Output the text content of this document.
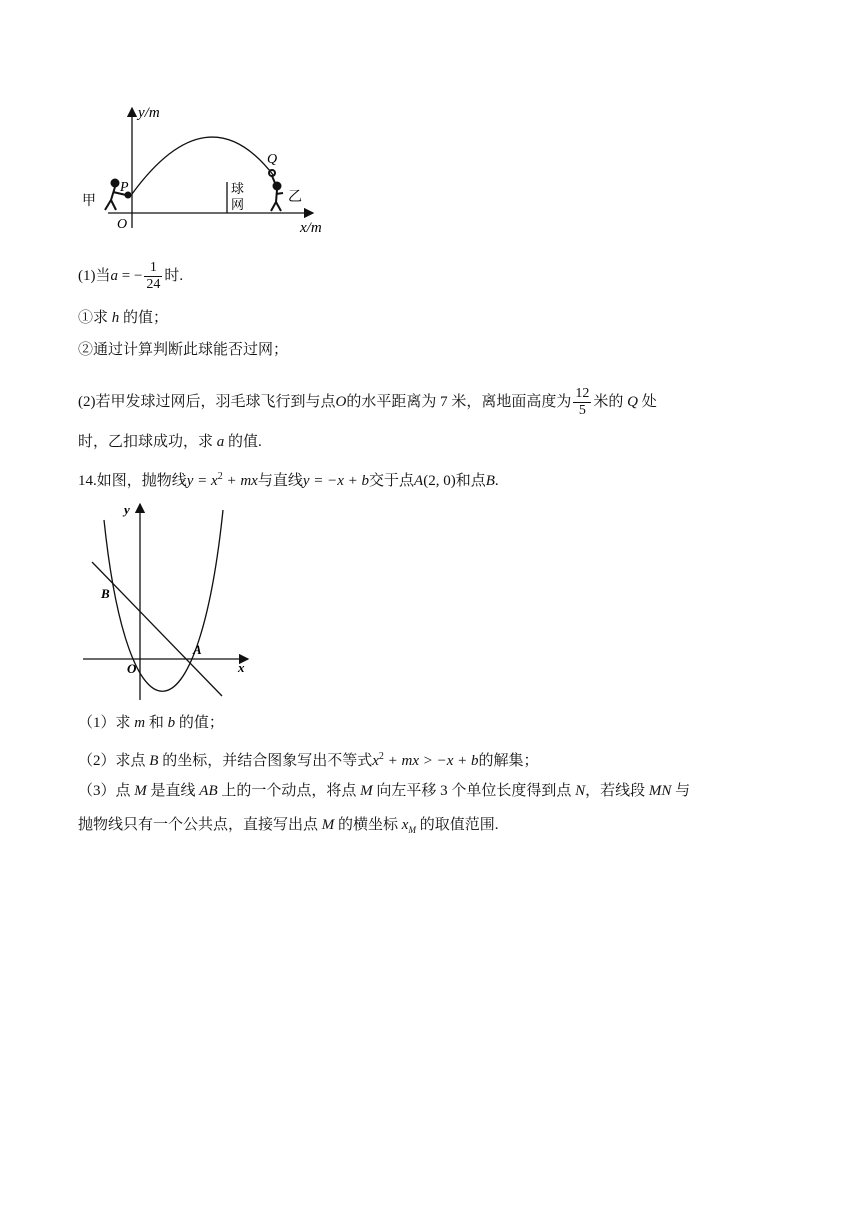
y/m
x/m
O
P
Q
甲	乙
球
网
(1)当a = − $\frac{1}{24}$ 时.
①求 h 的值；
②通过计算判断此球能否过网；
(2)若甲发球过网后，羽毛球飞行到与点O的水平距离为 7 米，离地面高度为 $\frac{12}{5}$ 米的 Q 处
时，乙扣球成功，求 a 的值.
14.如图，抛物线$y = x^2$ + mx与直线y = −x + b交于点A(2, 0)和点B.
y
x
O
A
B
（1）求 m 和 b 的值；
（2）求点 B 的坐标，并结合图象写出不等式$x^2$ + mx > −x + b的解集；
（3）点 M 是直线 AB 上的一个动点，将点 M 向左平移 3 个单位长度得到点 N，若线段 MN 与
抛物线只有一个公共点，直接写出点 M 的横坐标 $x_M$ 的取值范围.
